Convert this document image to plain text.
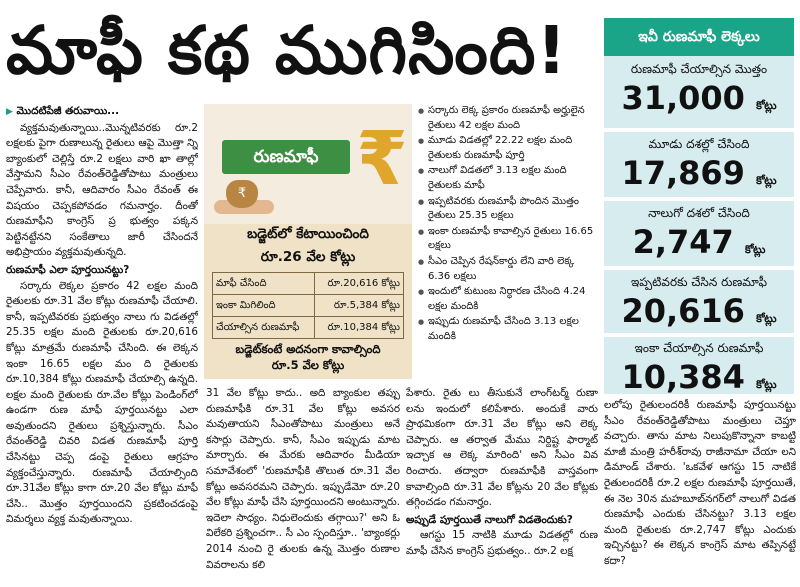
మాఫీ కథ ముగిసింది!

▶ మొదటిపేజీ తరువాయి...

వ్యక్తమవుతున్నాయి..మొన్నటివరకు రూ.2 లక్షలకు పైగా రుణాలున్న రైతులు ఆపై మొత్తా న్ని బ్యాంకులో చెల్లిస్తే రూ.2 లక్షలు వారి ఖా తాల్లో వేస్తామని సీఎం రేవంత్‌రెడ్డితోపాటు మంత్రులు చెప్పేవారు. కానీ, ఆదివారం సీఎం రేవంత్ ఈ విషయం చెప్పకపోవడం గమనార్హం. దీంతో రుణమాఫీని కాంగ్రెస్ ప్ర భుత్వం పక్కన పెట్టినట్టేనని సంకేతాలు జారీ చేసిందనే అభిప్రాయం వ్యక్తమవుతున్నది.

రుణమాఫీ ఎలా పూర్తయినట్టు?

సర్కారు లెక్కల ప్రకారం 42 లక్షల మంది రైతులకు రూ.31 వేల కోట్లు రుణమాఫీ చేయాలి. కానీ, ఇప్పటివరకు ప్రభుత్వం నాలు గు విడతల్లో 25.35 లక్షల మంది రైతులకు రూ.20,616 కోట్లు మాత్రమే రుణమాఫీ చేసింది. ఈ లెక్కన ఇంకా 16.65 లక్షల మం ది రైతులకు రూ.10,384 కోట్లు రుణమాఫీ చేయాల్సి ఉన్నది. లక్షల మంది రైతులకు రూ.వేల కోట్లు పెండింగ్‌లో ఉండగా రుణ మాఫీ పూర్తయినట్టు ఎలా అవుతుందని రైతులు ప్రశ్నిస్తున్నారు. సీఎం రేవంత్‌రెడ్డి చివరి విడత రుణమాఫీ పూర్తి చేసినట్టు చెప్ప డంపై రైతులు ఆగ్రహం వ్యక్తంచేస్తున్నారు. రుణమాఫీ చేయాల్సింది రూ.31వేల కోట్లు కాగా రూ.20 వేల కోట్లు మాఫీ చేసి.. మొత్తం పూర్తయిందని ప్రకటించడంపై విమర్శలు వ్యక్త మవుతున్నాయి.

రుణమాఫీ ₹
₹
బడ్జెట్‌లో కేటాయించింది
రూ.26 వేల కోట్లు
మాఫీ చేసింది	రూ.20,616 కోట్లు
ఇంకా మిగిలింది	రూ.5,384 కోట్లు
చేయాల్సిన రుణమాఫీ	రూ.10,384 కోట్లు
బడ్జెట్‌కంటే అదనంగా కావాల్సింది
రూ.5 వేల కోట్లు
● సర్కారు లెక్క ప్రకారం రుణమాఫీ అర్హులైన రైతులు 42 లక్షల మంది
● మూడు విడతల్లో 22.22 లక్షల మంది రైతులకు రుణమాఫీ పూర్తి
● నాలుగో విడతలో 3.13 లక్షల మంది రైతులకు మాఫీ
● ఇప్పటివరకు రుణమాఫీ పొందిన మొత్తం రైతులు 25.35 లక్షలు
● ఇంకా రుణమాఫీ కావాల్సిన రైతులు 16.65 లక్షలు
● సీఎం చెప్పిన రేషన్‌కార్డు లేని వారి లెక్క 6.36 లక్షలు
● ఇందులో కుటుంబ నిర్ధారణ చేసింది 4.24 లక్షల మందికి
● ఇప్పుడు రుణమాఫీ చేసింది 3.13 లక్షల మందికి

31 వేల కోట్లు కాదు.. అది బ్యాంకుల తప్పు రుణమాఫీకి రూ.31 వేల కోట్లు అవసర మవుతాయని సీఎంతోపాటు మంత్రులు అనే కసార్లు చెప్పారు. కానీ, సీఎం ఇప్పుడు మాట మార్చారు. ఈ మేరకు ఆదివారం మీడియా సమావేశంలో 'రుణమాఫీకి తొలుత రూ.31 వేల కోట్లు అవసరమని చెప్పారు. ఇప్పుడేమో రూ.20 వేల కోట్లు మాఫీ చేసి పూర్తయిందని అంటున్నారు. ఇదెలా సాధ్యం. నిధులెందుకు తగ్గాయి?' అని ఓ విలేకరి ప్రశ్నించగా.. సీ ఎం స్పందిస్తూ.. 'బ్యాంకర్లు 2014 నుంచి రై తులకు ఉన్న మొత్తం రుణాల వివరాలను కలి

పేశారు. రైతు లు తీసుకునే లాంగ్‌టర్మ్ రుణా లను ఇందులో కలిపేశారు. అందుకే వారు ప్రాథమికంగా రూ.31 వేల కోట్లు అని లెక్క చెప్పారు. ఆ తర్వాత మేము నిర్దిష్ట ఫార్మాట్ ఇచ్చాక ఆ లెక్క మారింది' అని సీఎం వివ రించారు. తద్వారా రుణమాఫీకి వాస్తవంగా కావాల్సింది రూ.31 వేల కోట్లను 20 వేల కోట్లకు తగ్గించడం గమనార్హం.

అప్పుడే పూర్తయితే నాలుగో విడతెందుకు?

ఆగస్టు 15 నాటికి మూడు విడతల్లో రుణ మాఫీ చేసిన కాంగ్రెస్ ప్రభుత్వం.. రూ.2 లక్ష

ఇవీ రుణమాఫీ లెక్కలు
రుణమాఫీ చేయాల్సిన మొత్తం
31,000 కోట్లు
మూడు దశల్లో చేసింది
17,869 కోట్లు
నాలుగో దశలో చేసింది
2,747 కోట్లు
ఇప్పటివరకు చేసిన రుణమాఫీ
20,616 కోట్లు
ఇంకా చేయాల్సిన రుణమాఫీ
10,384 కోట్లు

లలోపు రైతులందరికీ రుణమాఫీ పూర్తయినట్టు సీఎం రేవంత్‌రెడ్డితోపాటు మంత్రులు చెప్తూ వచ్చారు. తాను మాట నిలుపుకొన్నానా కాబట్టి మాజీ మంత్రి హరీశ్‌రావు రాజీనామా చేయా లని డిమాండ్ చేశారు. 'ఒకవేళ ఆగస్టు 15 నాటికే రైతులందరికీ రూ.2 లక్షల రుణమాఫీ పూర్తయితే, ఈ నెల 30న మహబూబ్‌నగర్‌లో నాలుగో విడత రుణమాఫీ ఎందుకు చేసినట్టు? 3.13 లక్షల మంది రైతులకు రూ.2,747 కోట్లు ఎందుకు ఇచ్చినట్టు? ఈ లెక్కన కాంగ్రెస్ మాట తప్పినట్టే కదా?
